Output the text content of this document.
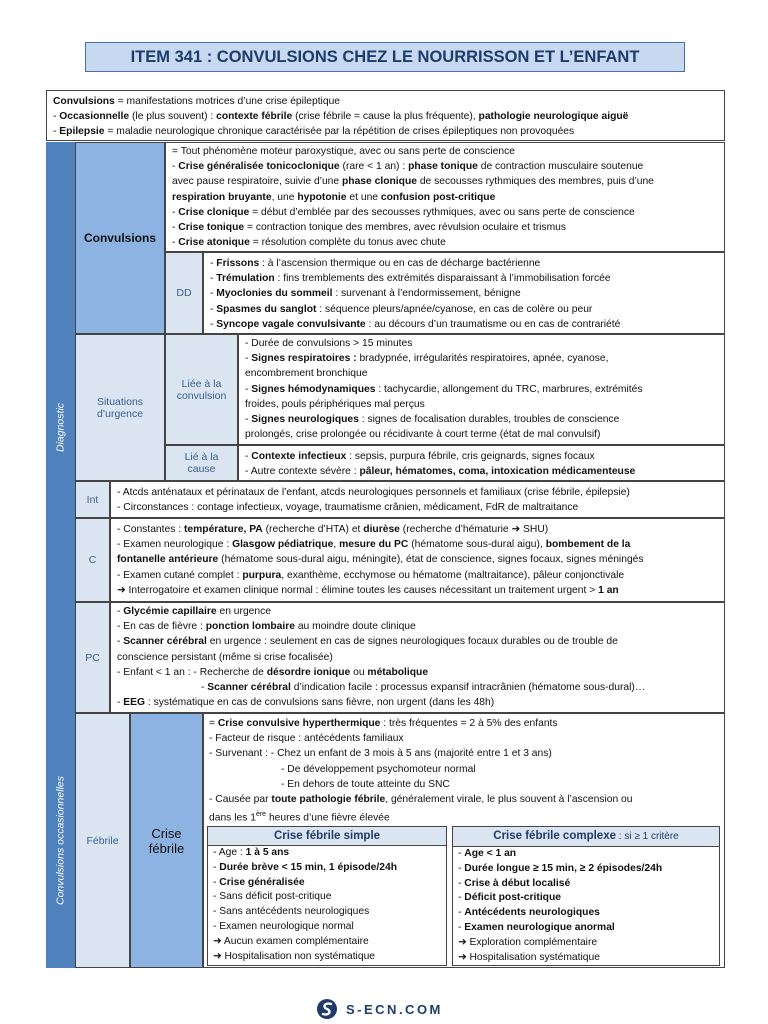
ITEM 341 : CONVULSIONS CHEZ LE NOURRISSON ET L’ENFANT
Convulsions = manifestations motrices d’une crise épileptique
- Occasionnelle (le plus souvent) : contexte fébrile (crise fébrile = cause la plus fréquente), pathologie neurologique aiguë
- Epilepsie = maladie neurologique chronique caractérisée par la répétition de crises épileptiques non provoquées
Diagnostic
Convulsions occasionnelles
Convulsions
= Tout phénomène moteur paroxystique, avec ou sans perte de conscience
- Crise généralisée tonicoclonique (rare < 1 an) : phase tonique de contraction musculaire soutenue
avec pause respiratoire, suivie d’une phase clonique de secousses rythmiques des membres, puis d’une
respiration bruyante, une hypotonie et une confusion post-critique
- Crise clonique = début d’emblée par des secousses rythmiques, avec ou sans perte de conscience
- Crise tonique = contraction tonique des membres, avec révulsion oculaire et trismus
- Crise atonique = résolution complète du tonus avec chute
DD
- Frissons : à l’ascension thermique ou en cas de décharge bactérienne
- Trémulation : fins tremblements des extrémités disparaissant à l’immobilisation forcée
- Myoclonies du sommeil : survenant à l’endormissement, bénigne
- Spasmes du sanglot : séquence pleurs/apnée/cyanose, en cas de colère ou peur
- Syncope vagale convulsivante : au décours d’un traumatisme ou en cas de contrariété
Situations d’urgence
Liée à la convulsion
- Durée de convulsions > 15 minutes
- Signes respiratoires : bradypnée, irrégularités respiratoires, apnée, cyanose,
encombrement bronchique
- Signes hémodynamiques : tachycardie, allongement du TRC, marbrures, extrémités
froides, pouls périphériques mal perçus
- Signes neurologiques : signes de focalisation durables, troubles de conscience
prolongés, crise prolongée ou récidivante à court terme (état de mal convulsif)
Lié à la cause
- Contexte infectieux : sepsis, purpura fébrile, cris geignards, signes focaux
- Autre contexte sévère : pâleur, hématomes, coma, intoxication médicamenteuse
Int
- Atcds anténataux et périnataux de l’enfant, atcds neurologiques personnels et familiaux (crise fébrile, épilepsie)
- Circonstances : contage infectieux, voyage, traumatisme crânien, médicament, FdR de maltraitance
C
- Constantes : température, PA (recherche d’HTA) et diurèse (recherche d’hématurie ➜ SHU)
- Examen neurologique : Glasgow pédiatrique, mesure du PC (hématome sous-dural aigu), bombement de la
fontanelle antérieure (hématome sous-dural aigu, méningite), état de conscience, signes focaux, signes méningés
- Examen cutané complet : purpura, exanthème, ecchymose ou hématome (maltraitance), pâleur conjonctivale
➜ Interrogatoire et examen clinique normal : élimine toutes les causes nécessitant un traitement urgent > 1 an
PC
- Glycémie capillaire en urgence
- En cas de fièvre : ponction lombaire au moindre doute clinique
- Scanner cérébral en urgence : seulement en cas de signes neurologiques focaux durables ou de trouble de
conscience persistant (même si crise focalisée)
- Enfant < 1 an : - Recherche de désordre ionique ou métabolique
- Scanner cérébral d’indication facile : processus expansif intracrânien (hématome sous-dural)…
- EEG : systématique en cas de convulsions sans fièvre, non urgent (dans les 48h)
Fébrile	Crise fébrile
= Crise convulsive hyperthermique : très fréquentes = 2 à 5% des enfants
- Facteur de risque : antécédents familiaux
- Survenant : - Chez un enfant de 3 mois à 5 ans (majorité entre 1 et 3 ans)
- De développement psychomoteur normal
- En dehors de toute atteinte du SNC
- Causée par toute pathologie fébrile, généralement virale, le plus souvent à l’ascension ou
dans les 1ère heures d’une fièvre élevée
Crise fébrile simple
- Age : 1 à 5 ans
- Durée brève < 15 min, 1 épisode/24h
- Crise généralisée
- Sans déficit post-critique
- Sans antécédents neurologiques
- Examen neurologique normal
➜ Aucun examen complémentaire
➜ Hospitalisation non systématique
Crise fébrile complexe : si ≥ 1 critère
- Age < 1 an
- Durée longue ≥ 15 min, ≥ 2 épisodes/24h
- Crise à début localisé
- Déficit post-critique
- Antécédents neurologiques
- Examen neurologique anormal
➜ Exploration complémentaire
➜ Hospitalisation systématique
S-ECN.COM
